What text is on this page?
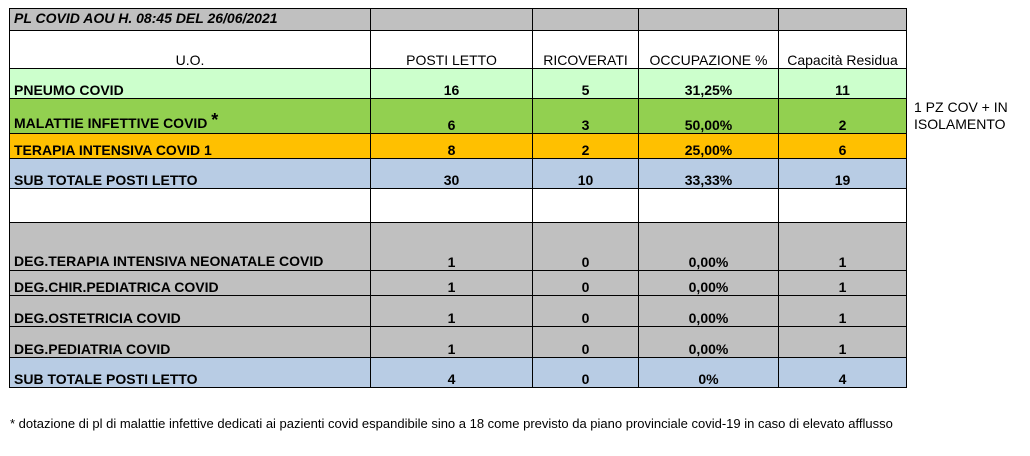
PL COVID AOU H. 08:45 DEL 26/06/2021				
U.O.	POSTI LETTO	RICOVERATI	OCCUPAZIONE %	Capacità Residua
PNEUMO COVID	16	5	31,25%	11
MALATTIE INFETTIVE COVID *	6	3	50,00%	2
TERAPIA INTENSIVA COVID 1	8	2	25,00%	6
SUB TOTALE POSTI LETTO	30	10	33,33%	19

DEG.TERAPIA INTENSIVA NEONATALE COVID	1	0	0,00%	1
DEG.CHIR.PEDIATRICA COVID	1	0	0,00%	1
DEG.OSTETRICIA COVID	1	0	0,00%	1
DEG.PEDIATRIA COVID	1	0	0,00%	1
SUB TOTALE POSTI LETTO	4	0	0%	4
1 PZ COV + IN ISOLAMENTO
* dotazione di pl di malattie infettive dedicati ai pazienti covid espandibile sino a 18 come previsto da piano provinciale covid-19 in caso di elevato afflusso
